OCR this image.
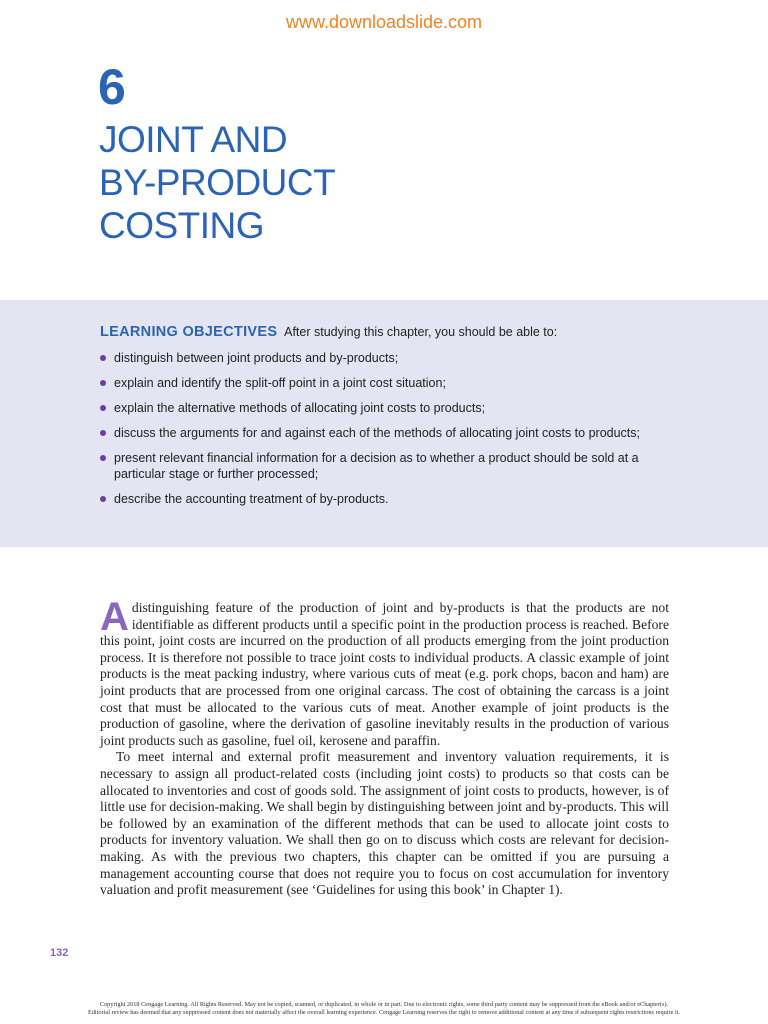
www.downloadslide.com
6
JOINT AND
BY-PRODUCT
COSTING
LEARNING OBJECTIVES After studying this chapter, you should be able to:
distinguish between joint products and by-products;
explain and identify the split-off point in a joint cost situation;
explain the alternative methods of allocating joint costs to products;
discuss the arguments for and against each of the methods of allocating joint costs to products;
present relevant financial information for a decision as to whether a product should be sold at a particular stage or further processed;
describe the accounting treatment of by-products.

A distinguishing feature of the production of joint and by-products is that the products are not identifiable as different products until a specific point in the production process is reached. Before this point, joint costs are incurred on the production of all products emerging from the joint production process. It is therefore not possible to trace joint costs to individual products. A classic example of joint products is the meat packing industry, where various cuts of meat (e.g. pork chops, bacon and ham) are joint products that are processed from one original carcass. The cost of obtaining the carcass is a joint cost that must be allocated to the various cuts of meat. Another example of joint products is the production of gasoline, where the derivation of gasoline inevitably results in the production of various joint products such as gasoline, fuel oil, kerosene and paraffin.

To meet internal and external profit measurement and inventory valuation requirements, it is necessary to assign all product-related costs (including joint costs) to products so that costs can be allocated to inventories and cost of goods sold. The assignment of joint costs to products, however, is of little use for decision-making. We shall begin by distinguishing between joint and by-products. This will be followed by an examination of the different methods that can be used to allocate joint costs to products for inventory valuation. We shall then go on to discuss which costs are relevant for decision-making. As with the previous two chapters, this chapter can be omitted if you are pursuing a management accounting course that does not require you to focus on cost accumulation for inventory valuation and profit measurement (see ‘Guidelines for using this book’ in Chapter 1).

132
Copyright 2018 Cengage Learning. All Rights Reserved. May not be copied, scanned, or duplicated, in whole or in part. Due to electronic rights, some third party content may be suppressed from the eBook and/or eChapter(s).
Editorial review has deemed that any suppressed content does not materially affect the overall learning experience. Cengage Learning reserves the right to remove additional content at any time if subsequent rights restrictions require it.
